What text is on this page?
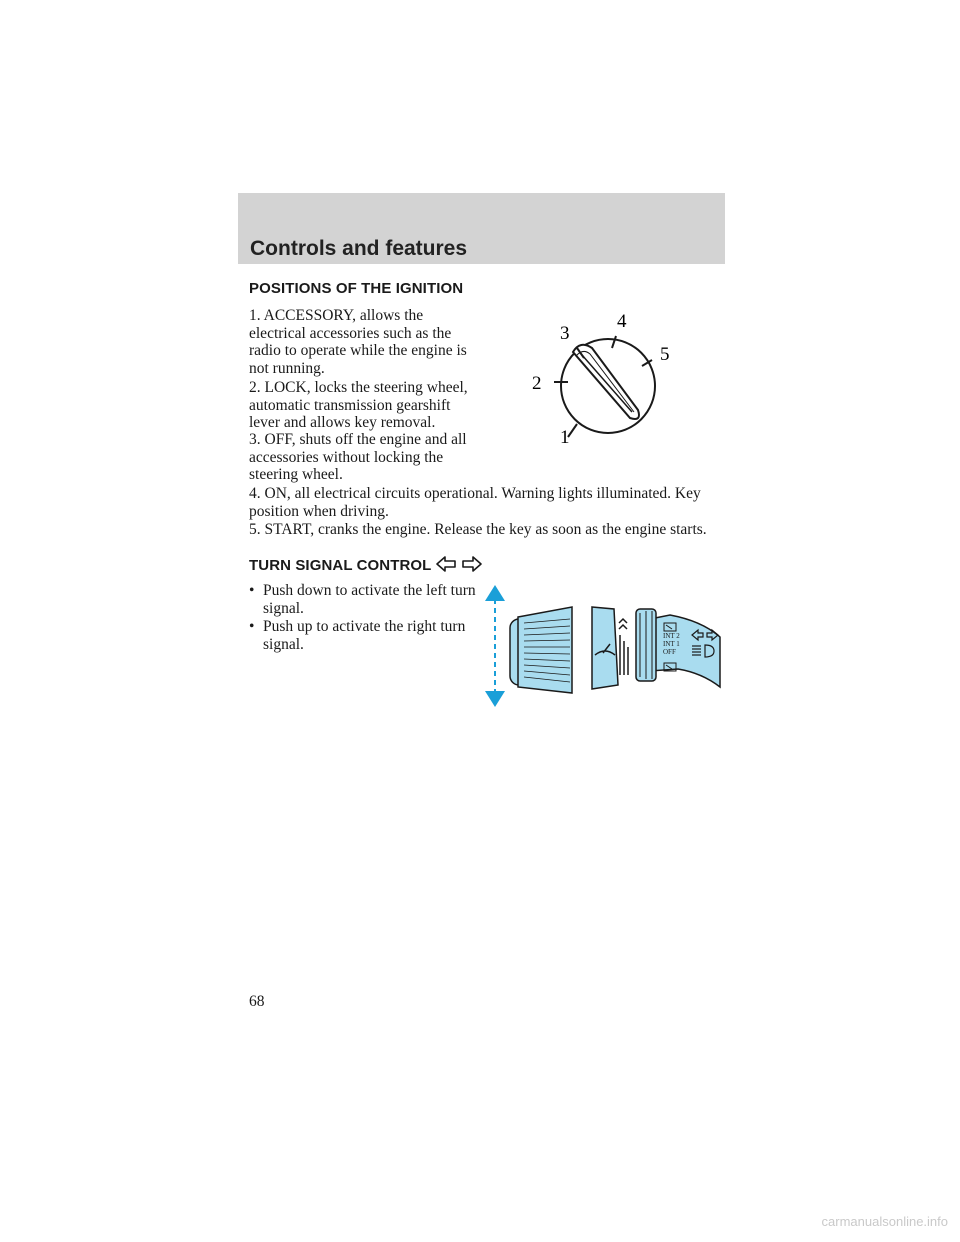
Controls and features
POSITIONS OF THE IGNITION

1. ACCESSORY, allows the electrical accessories such as the radio to operate while the engine is not running.

2. LOCK, locks the steering wheel, automatic transmission gearshift lever and allows key removal.

3. OFF, shuts off the engine and all accessories without locking the steering wheel.

4. ON, all electrical circuits operational. Warning lights illuminated. Key position when driving.

5. START, cranks the engine. Release the key as soon as the engine starts.

1
2
3
4
5
TURN SIGNAL CONTROL
• Push down to activate the left turn signal.
• Push up to activate the right turn signal.	INT 2
INT 1
OFF
68
carmanualsonline.info
